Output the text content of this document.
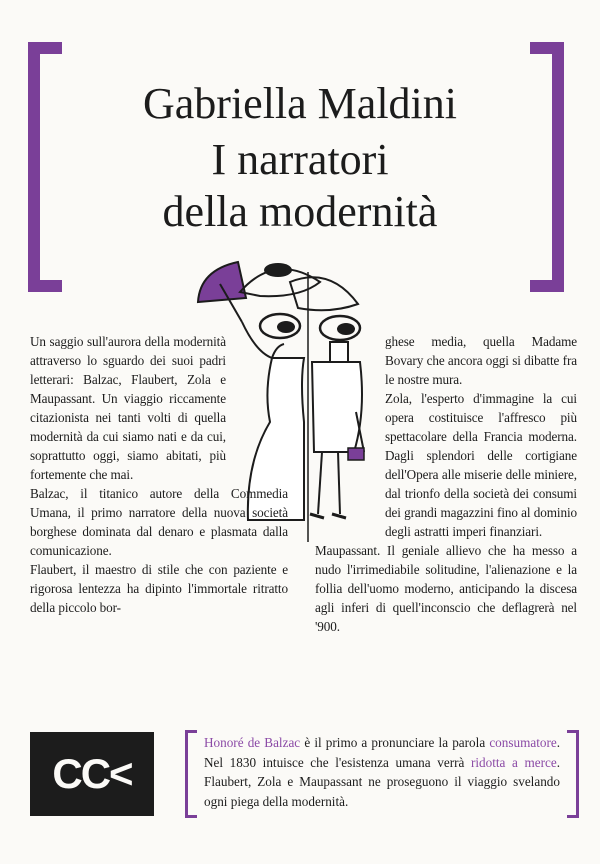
Gabriella Maldini
I narratori
della modernità

Un saggio sull'aurora della modernità attraverso lo sguardo dei suoi padri letterari: Balzac, Flaubert, Zola e Maupassant. Un viaggio riccamente citazionista nei tanti volti di quella modernità da cui siamo nati e da cui, soprattutto oggi, siamo abitati, più fortemente che mai.

Balzac, il titanico autore della Commedia Umana, il primo narratore della nuova società borghese dominata dal denaro e plasmata dalla comunicazione.

Flaubert, il maestro di stile che con paziente e rigorosa lentezza ha dipinto l'immortale ritratto della piccolo bor-

ghese media, quella Madame Bovary che ancora oggi si dibatte fra le nostre mura.

Zola, l'esperto d'immagine la cui opera costituisce l'affresco più spettacolare della Francia moderna. Dagli splendori delle cortigiane dell'Opera alle miserie delle miniere, dal trionfo della società dei consumi dei grandi magazzini fino al dominio degli astratti imperi finanziari.

Maupassant. Il geniale allievo che ha messo a nudo l'irrimediabile solitudine, l'alienazione e la follia dell'uomo moderno, anticipando la discesa agli inferi di quell'inconscio che deflagrerà nel '900.

CC<
Honoré de Balzac è il primo a pronunciare la parola consumatore. Nel 1830 intuisce che l'esistenza umana verrà ridotta a merce. Flaubert, Zola e Maupassant ne proseguono il viaggio svelando ogni piega della modernità.
